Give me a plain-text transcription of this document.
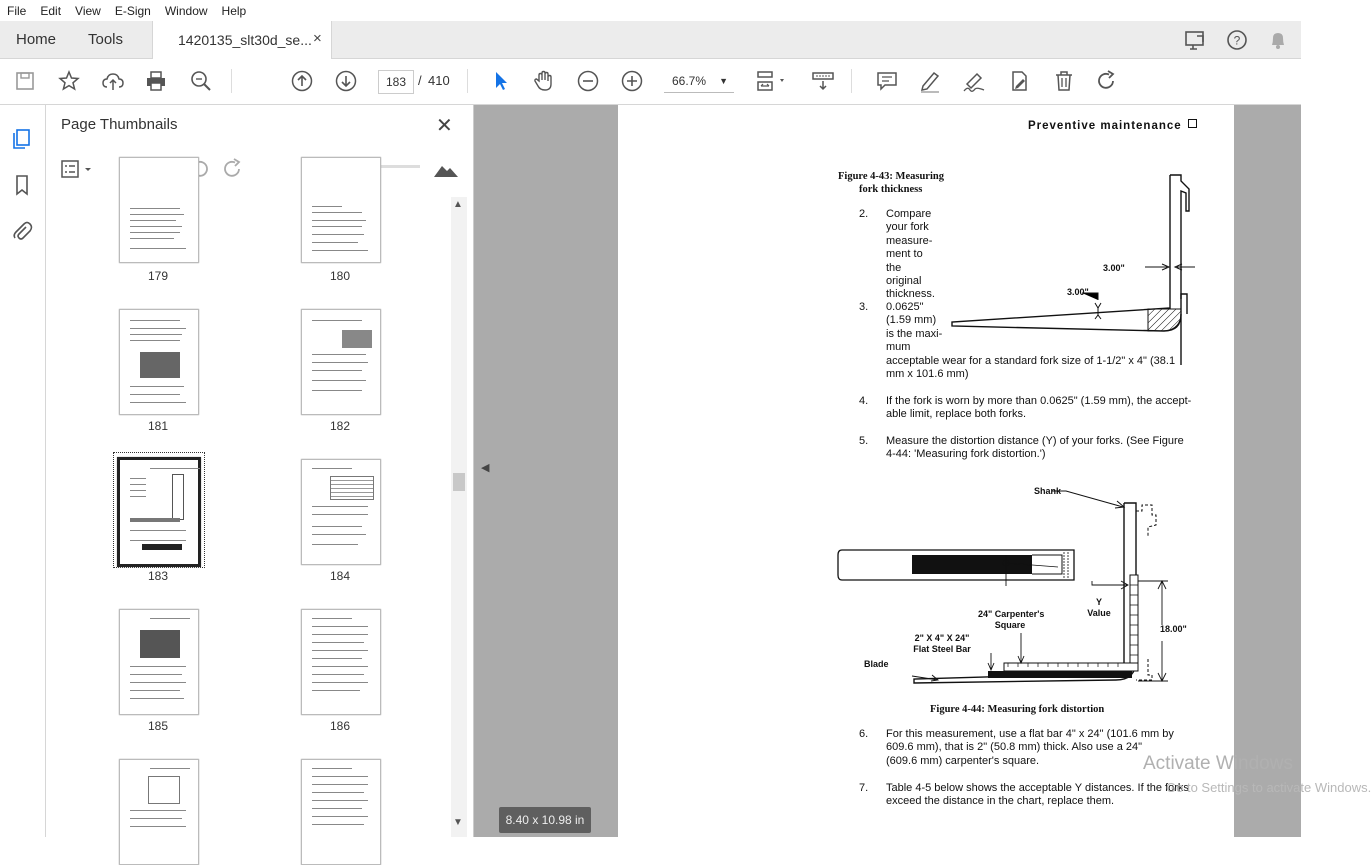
File	Edit	View	E-Sign	Window	Help
Home Tools	1420135_slt30d_se... ×	?
183 / 410	66.7% ▼
Page Thumbnails	✕
179	180
181	182
183	184
185	186
▲
▼
◀
Preventive maintenance
Figure 4-43: Measuring
fork thickness
2. Compare
your fork
measure-
ment to the
original
thickness.
3. 0.0625"
(1.59 mm)
is the maxi-
mum
acceptable wear for a standard fork size of 1-1/2" x 4" (38.1
mm x 101.6 mm)
3.00"
3.00"
4. If the fork is worn by more than 0.0625" (1.59 mm), the accept-
able limit, replace both forks.
5. Measure the distortion distance (Y) of your forks. (See Figure
4-44: 'Measuring fork distortion.')
Shank
24" Carpenter's
Square
Y
Value
18.00"
2" X 4" X 24"
Flat Steel Bar
Blade
Figure 4-44: Measuring fork distortion
6. For this measurement, use a flat bar 4" x 24" (101.6 mm by
609.6 mm), that is 2" (50.8 mm) thick. Also use a 24"
(609.6 mm) carpenter's square.
7. Table 4-5 below shows the acceptable Y distances. If the forks
exceed the distance in the chart, replace them.
8.40 x 10.98 in
Activate Windows
Go to Settings to activate Windows.
